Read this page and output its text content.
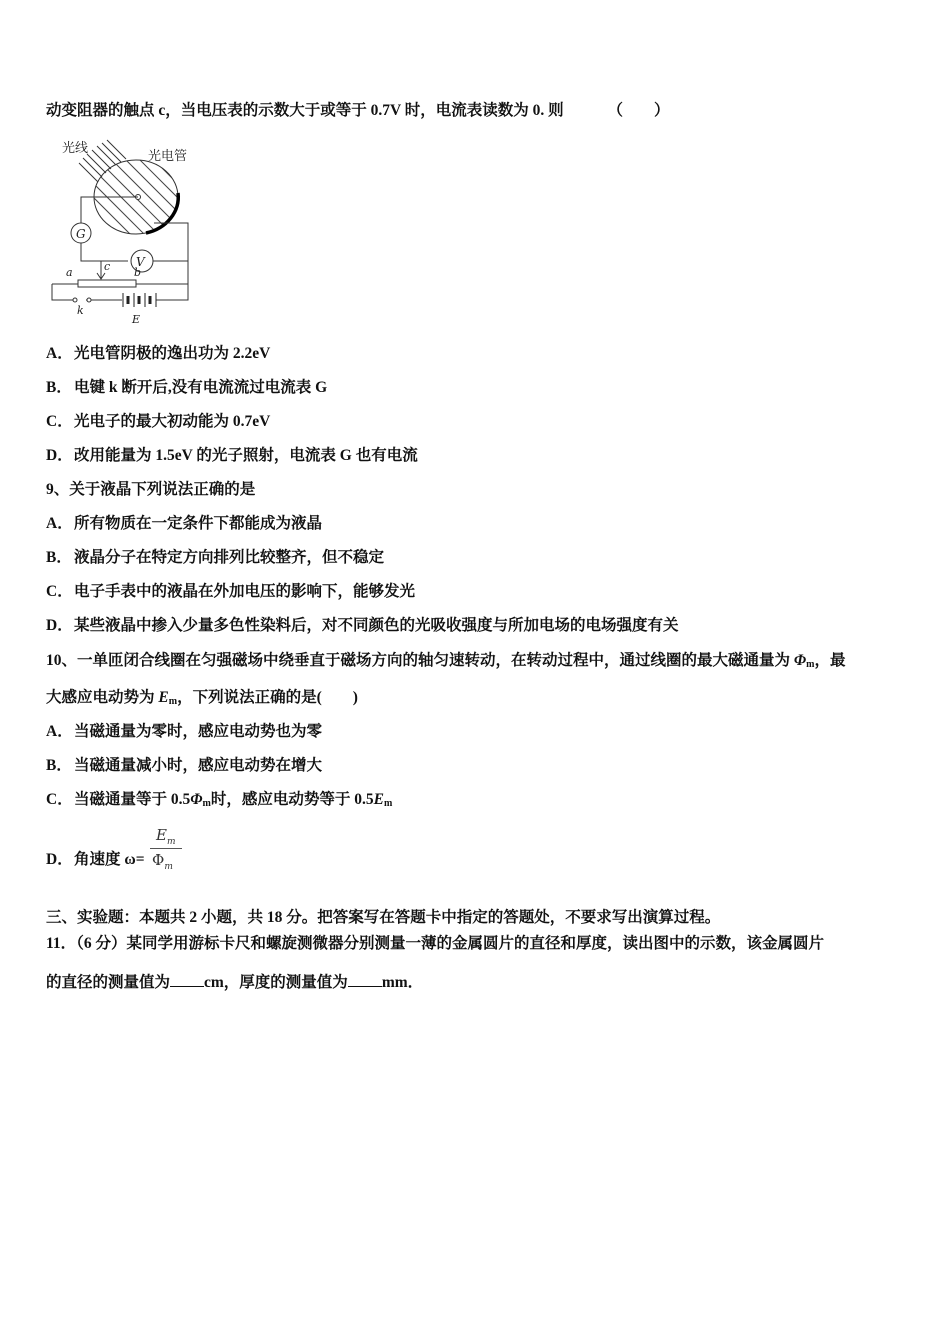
动变阻器的触点 c，当电压表的示数大于或等于 0.7V 时，电流表读数为 0. 则	（　　）
光线
光电管
G
V
a	b
c
k
E
A．光电管阴极的逸出功为 2.2eV
B． 电键 k 断开后,没有电流流过电流表 G
C．光电子的最大初动能为 0.7eV
D．改用能量为 1.5eV 的光子照射，电流表 G 也有电流
9、关于液晶下列说法正确的是
A．所有物质在一定条件下都能成为液晶
B． 液晶分子在特定方向排列比较整齐，但不稳定
C．电子手表中的液晶在外加电压的影响下，能够发光
D．某些液晶中掺入少量多色性染料后，对不同颜色的光吸收强度与所加电场的电场强度有关
10、一单匝闭合线圈在匀强磁场中绕垂直于磁场方向的轴匀速转动，在转动过程中，通过线圈的最大磁通量为 $\Phi_m$，最
大感应电动势为 $E_m$，下列说法正确的是(　　)
A．当磁通量为零时，感应电动势也为零
B． 当磁通量减小时，感应电动势在增大
C．当磁通量等于 $0.5\Phi_m$时，感应电动势等于 $0.5E_m$
D．角速度 ω=
$E_m$
$\Phi_m$
三、实验题：本题共 2 小题，共 18 分。把答案写在答题卡中指定的答题处，不要求写出演算过程。
11．（6 分）某同学用游标卡尺和螺旋测微器分别测量一薄的金属圆片的直径和厚度，读出图中的示数，该金属圆片
的直径的测量值为 cm，厚度的测量值为 mm．
